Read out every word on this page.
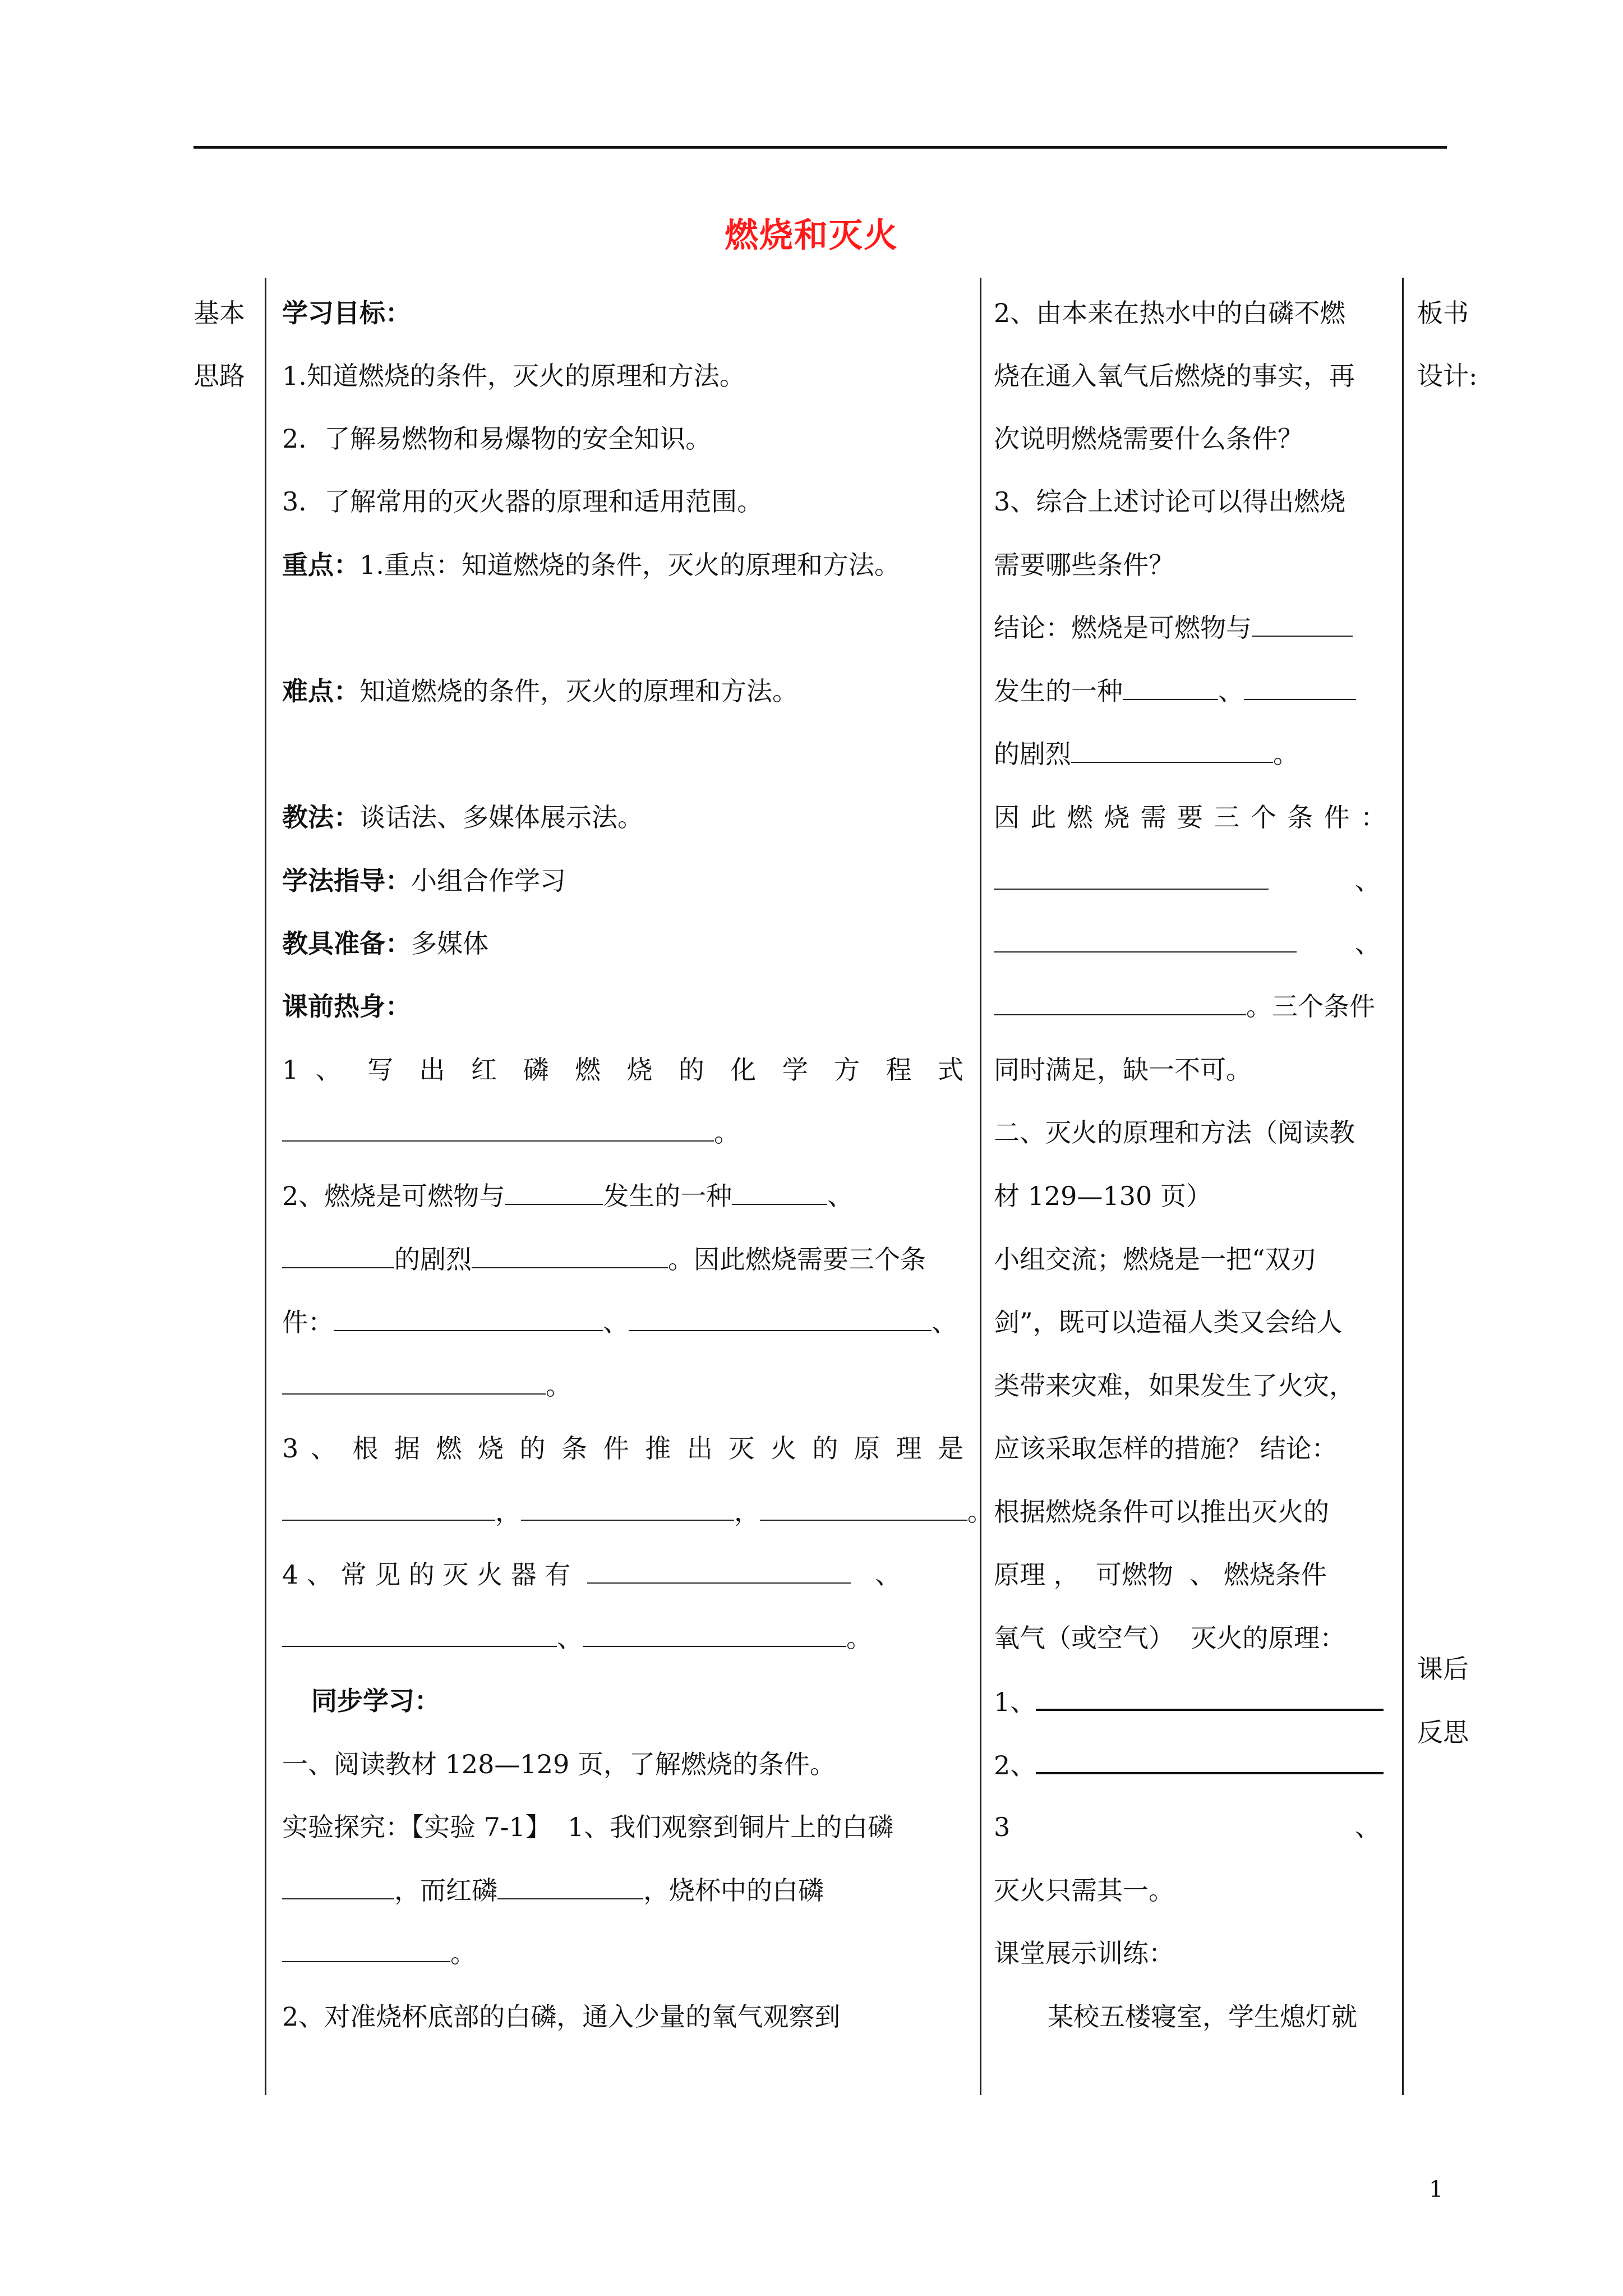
燃烧和灭火
基本
思路
板书
设计:
课后
反思
学习目标：
1.知道燃烧的条件，灭火的原理和方法。
2．了解易燃物和易爆物的安全知识。
3．了解常用的灭火器的原理和适用范围。
重点：1.重点：知道燃烧的条件，灭火的原理和方法。
难点：知道燃烧的条件，灭火的原理和方法。
教法：谈话法、多媒体展示法。
学法指导：小组合作学习
教具准备：多媒体
课前热身：
1 、 写 出 红 磷 燃 烧 的 化 学 方 程 式
。
2、燃烧是可燃物与	发生的一种	、
的剧烈	。因此燃烧需要三个条
件：	、	、
。
3 、 根 据 燃 烧 的 条 件 推 出 灭 火 的 原 理 是
，	，	。
4 、 常 见 的 灭 火 器 有	、
、	。
同步学习：
一、阅读教材 128—129 页，了解燃烧的条件。
实验探究：【实验 7-1】  1、我们观察到铜片上的白磷
，而红磷	，烧杯中的白磷
。
2、对准烧杯底部的白磷，通入少量的氧气观察到
2、由本来在热水中的白磷不燃
烧在通入氧气后燃烧的事实，再
次说明燃烧需要什么条件？
3、综合上述讨论可以得出燃烧
需要哪些条件？
结论：燃烧是可燃物与
发生的一种	、
的剧烈	。
因 此 燃 烧 需 要 三 个 条 件 ：
、
、
。三个条件
同时满足，缺一不可。
二、灭火的原理和方法（阅读教
材 129—130 页）
小组交流；燃烧是一把“双刃
剑”，既可以造福人类又会给人
类带来灾难，如果发生了火灾，
应该采取怎样的措施？ 结论：
根据燃烧条件可以推出灭火的
原理 ，  可燃物  、 燃烧条件
氧气（或空气）  灭火的原理：
1、
2、
3	、
灭火只需其一。
课堂展示训练：
某校五楼寝室，学生熄灯就
1
